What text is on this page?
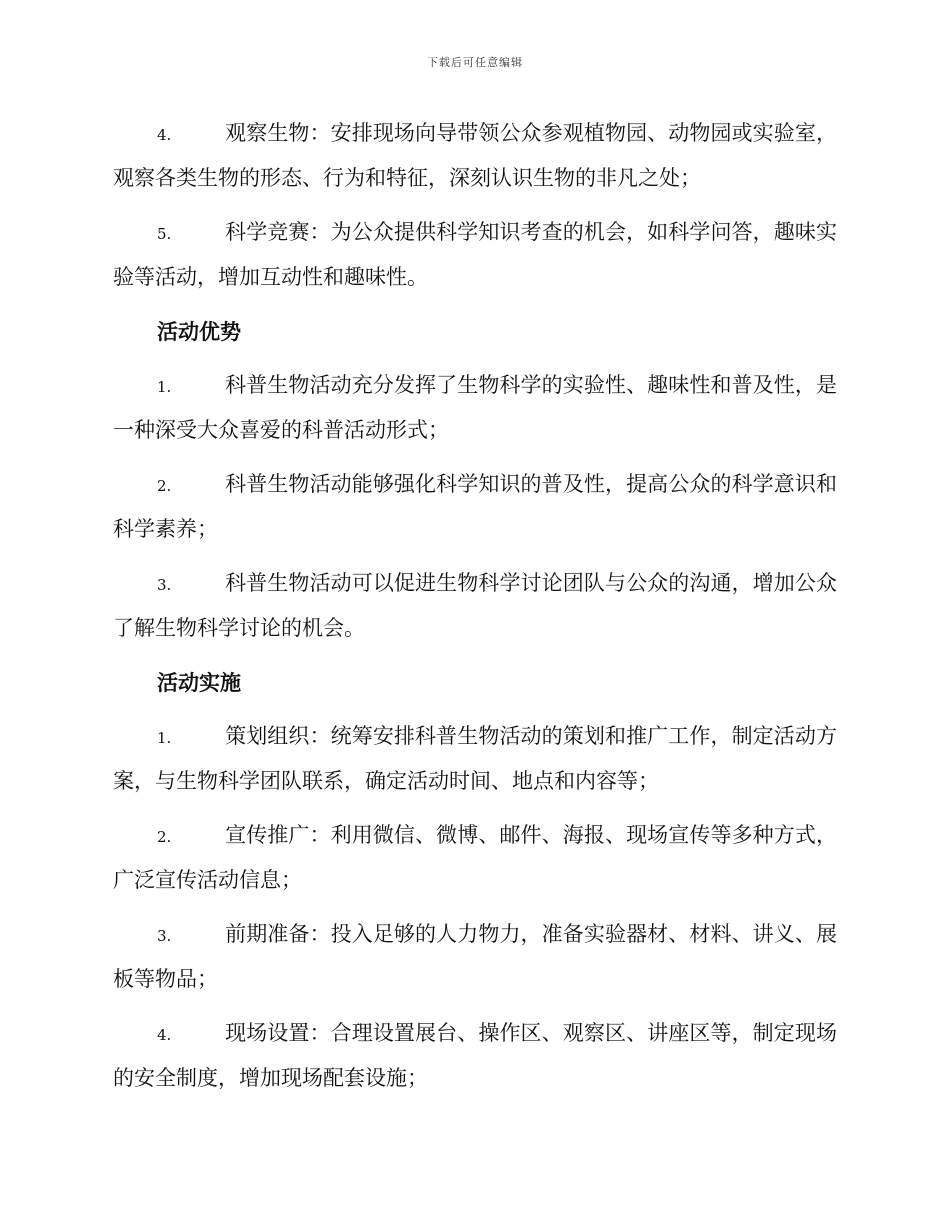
下载后可任意编辑

4.	观察生物：安排现场向导带领公众参观植物园、动物园或实验室，观察各类生物的形态、行为和特征，深刻认识生物的非凡之处；

5.	科学竞赛：为公众提供科学知识考查的机会，如科学问答，趣味实验等活动，增加互动性和趣味性。

活动优势

1.	科普生物活动充分发挥了生物科学的实验性、趣味性和普及性，是一种深受大众喜爱的科普活动形式；

2.	科普生物活动能够强化科学知识的普及性，提高公众的科学意识和科学素养；

3.	科普生物活动可以促进生物科学讨论团队与公众的沟通，增加公众了解生物科学讨论的机会。

活动实施

1.	策划组织：统筹安排科普生物活动的策划和推广工作，制定活动方案，与生物科学团队联系，确定活动时间、地点和内容等；

2.	宣传推广：利用微信、微博、邮件、海报、现场宣传等多种方式，广泛宣传活动信息；

3.	前期准备：投入足够的人力物力，准备实验器材、材料、讲义、展板等物品；

4.	现场设置：合理设置展台、操作区、观察区、讲座区等，制定现场的安全制度，增加现场配套设施；
